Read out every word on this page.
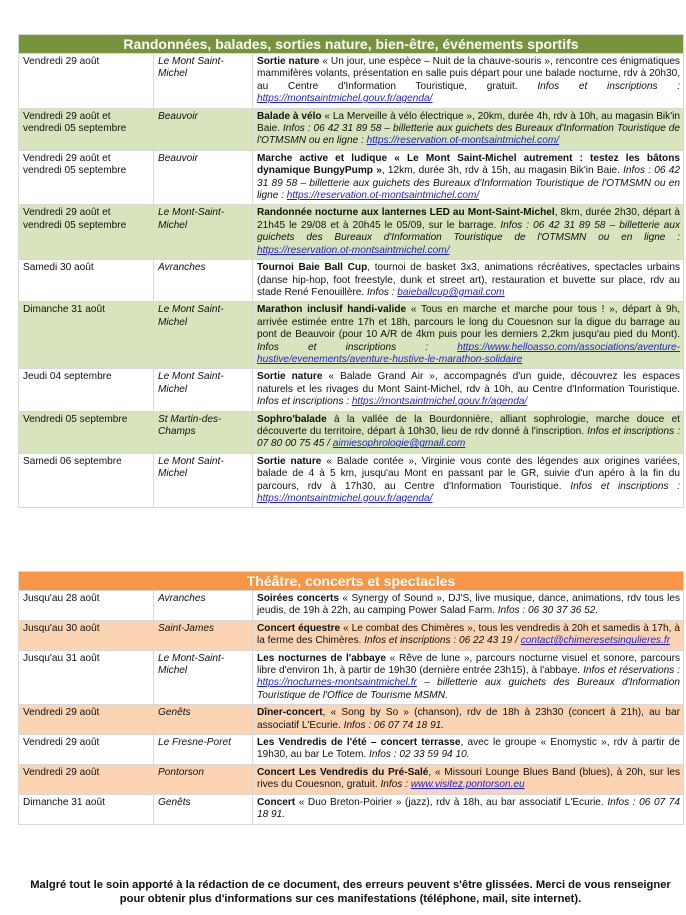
Randonnées, balades, sorties nature, bien-être, événements sportifs		
Vendredi 29 août	Le Mont Saint-Michel	Sortie nature « Un jour, une espèce – Nuit de la chauve-souris », rencontre ces énigmatiques mammifères volants, présentation en salle puis départ pour une balade nocturne, rdv à 20h30, au Centre d'Information Touristique, gratuit. Infos et inscriptions : https://montsaintmichel.gouv.fr/agenda/
Vendredi 29 août et vendredi 05 septembre	Beauvoir	Balade à vélo « La Merveille à vélo électrique », 20km, durée 4h, rdv à 10h, au magasin Bik'in Baie. Infos : 06 42 31 89 58 – billetterie aux guichets des Bureaux d'Information Touristique de l'OTMSMN ou en ligne : https://reservation.ot-montsaintmichel.com/
Vendredi 29 août et vendredi 05 septembre	Beauvoir	Marche active et ludique « Le Mont Saint-Michel autrement : testez les bâtons dynamique BungyPump », 12km, durée 3h, rdv à 15h, au magasin Bik'in Baie. Infos : 06 42 31 89 58 – billetterie aux guichets des Bureaux d'Information Touristique de l'OTMSMN ou en ligne : https://reservation.ot-montsaintmichel.com/
Vendredi 29 août et vendredi 05 septembre	Le Mont-Saint-Michel	Randonnée nocturne aux lanternes LED au Mont-Saint-Michel, 8km, durée 2h30, départ à 21h45 le 29/08 et à 20h45 le 05/09, sur le barrage. Infos : 06 42 31 89 58 – billetterie aux guichets des Bureaux d'Information Touristique de l'OTMSMN ou en ligne : https://reservation.ot-montsaintmichel.com/
Samedi 30 août	Avranches	Tournoi Baie Ball Cup, tournoi de basket 3x3, animations récréatives, spectacles urbains (danse hip-hop, foot freestyle, dunk et street art), restauration et buvette sur place, rdv au stade René Fenouillère. Infos : baieballcup@gmail.com
Dimanche 31 août	Le Mont Saint-Michel	Marathon inclusif handi-valide « Tous en marche et marche pour tous ! », départ à 9h, arrivée estimée entre 17h et 18h, parcours le long du Couesnon sur la digue du barrage au pont de Beauvoir (pour 10 A/R de 4km puis pour les derniers 2,2km jusqu'au pied du Mont). Infos et inscriptions : https://www.helloasso.com/associations/aventure-hustive/evenements/aventure-hustive-le-marathon-solidaire
Jeudi 04 septembre	Le Mont Saint-Michel	Sortie nature « Balade Grand Air », accompagnés d'un guide, découvrez les espaces naturels et les rivages du Mont Saint-Michel, rdv à 10h, au Centre d'Information Touristique. Infos et inscriptions : https://montsaintmichel.gouv.fr/agenda/
Vendredi 05 septembre	St Martin-des-Champs	Sophro'balade à la vallée de la Bourdonnière, alliant sophrologie, marche douce et découverte du territoire, départ à 10h30, lieu de rdv donné à l'inscription. Infos et inscriptions : 07 80 00 75 45 / aimiesophrologie@gmail.com
Samedi 06 septembre	Le Mont Saint-Michel	Sortie nature « Balade contée », Virginie vous conte des légendes aux origines variées, balade de 4 à 5 km, jusqu'au Mont en passant par le GR, suivie d'un apéro à la fin du parcours, rdv à 17h30, au Centre d'Information Touristique. Infos et inscriptions : https://montsaintmichel.gouv.fr/agenda/
Théâtre, concerts et spectacles		
Jusqu'au 28 août	Avranches	Soirées concerts « Synergy of Sound », DJ'S, live musique, dance, animations, rdv tous les jeudis, de 19h à 22h, au camping Power Salad Farm. Infos : 06 30 37 36 52.
Jusqu'au 30 août	Saint-James	Concert équestre « Le combat des Chimères », tous les vendredis à 20h et samedis à 17h, à la ferme des Chimères. Infos et inscriptions : 06 22 43 19 / contact@chimeresetsingulieres.fr
Jusqu'au 31 août	Le Mont-Saint-Michel	Les nocturnes de l'abbaye « Rêve de lune », parcours nocturne visuel et sonore, parcours libre d'environ 1h, à partir de 19h30 (dernière entrée 23h15), à l'abbaye. Infos et réservations : https://nocturnes-montsaintmichel.fr – billetterie aux guichets des Bureaux d'Information Touristique de l'Office de Tourisme MSMN.
Vendredi 29 août	Genêts	Dîner-concert, « Song by So » (chanson), rdv de 18h à 23h30 (concert à 21h), au bar associatif L'Ecurie. Infos : 06 07 74 18 91.
Vendredi 29 août	Le Fresne-Poret	Les Vendredis de l'été – concert terrasse, avec le groupe « Enomystic », rdv à partir de 19h30, au bar Le Totem. Infos : 02 33 59 94 10.
Vendredi 29 août	Pontorson	Concert Les Vendredis du Pré-Salé, « Missouri Lounge Blues Band (blues), à 20h, sur les rives du Couesnon, gratuit. Infos : www.visitez.pontorson.eu
Dimanche 31 août	Genêts	Concert « Duo Breton-Poirier » (jazz), rdv à 18h, au bar associatif L'Ecurie. Infos : 06 07 74 18 91.
Malgré tout le soin apporté à la rédaction de ce document, des erreurs peuvent s'être glissées. Merci de vous renseigner pour obtenir plus d'informations sur ces manifestations (téléphone, mail, site internet).
